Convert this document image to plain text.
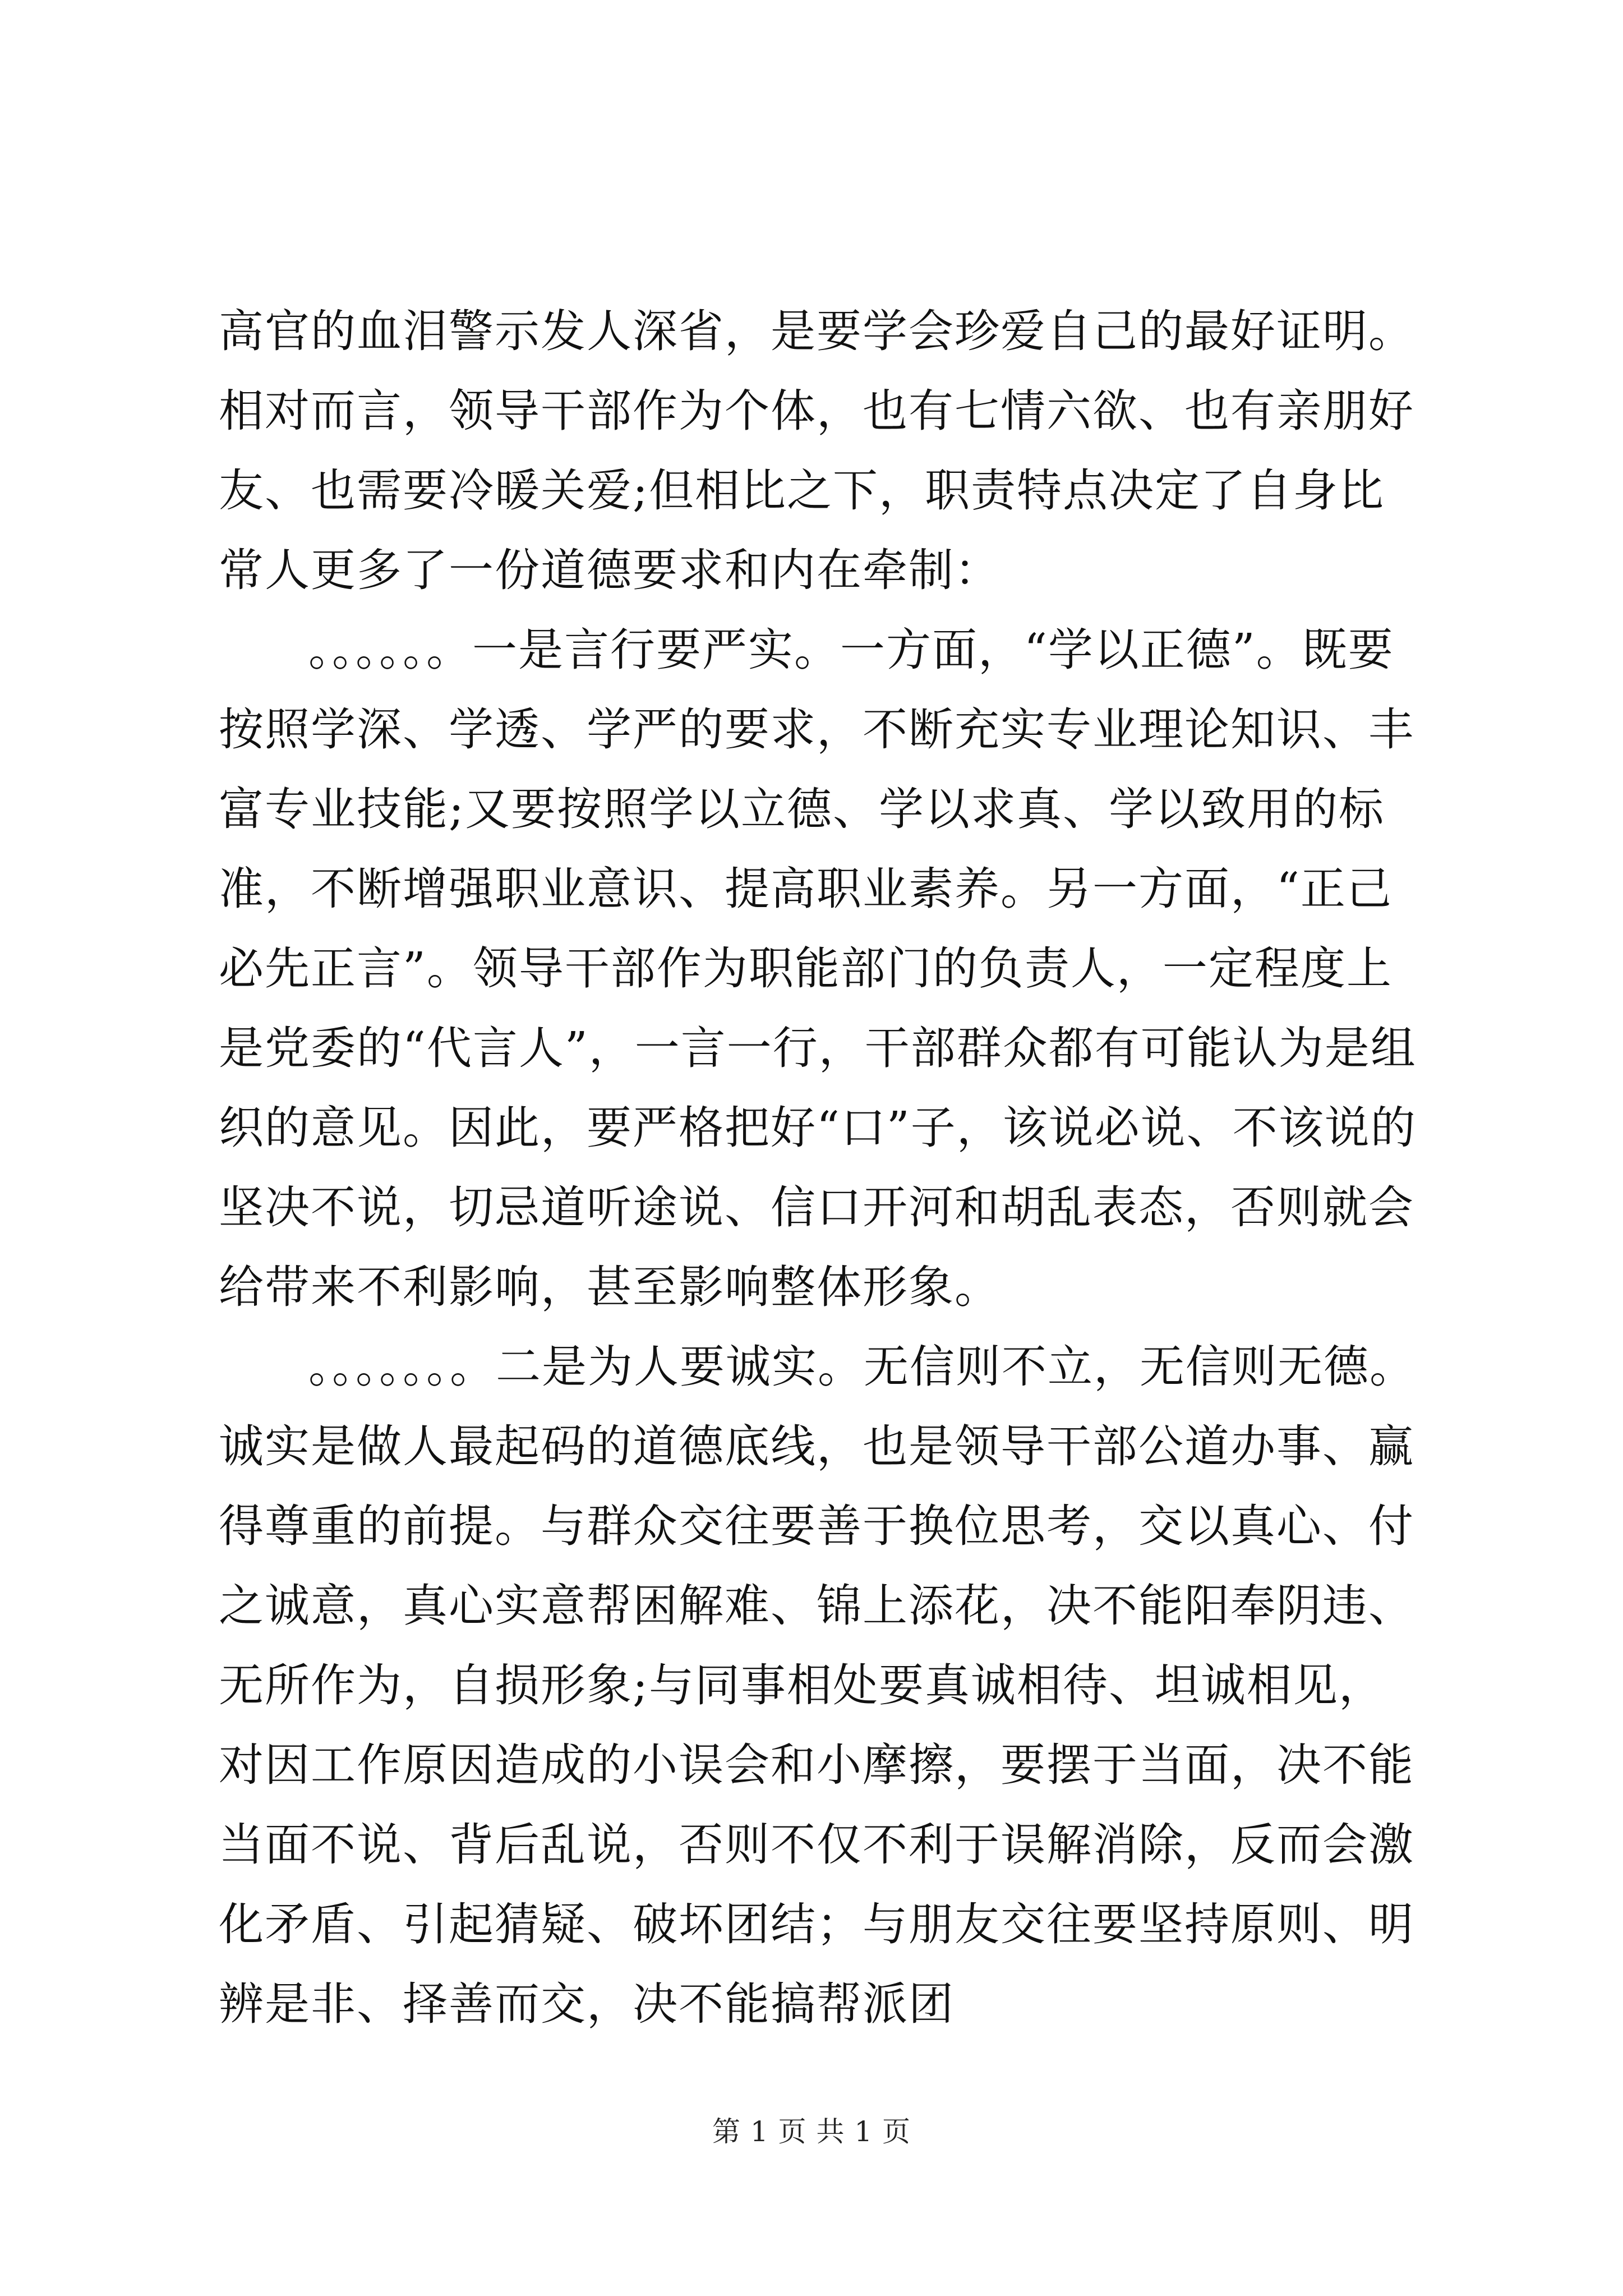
高官的血泪警示发人深省，是要学会珍爱自己的最好证明。相对而言，领导干部作为个体，也有七情六欲、也有亲朋好友、也需要冷暖关爱;但相比之下，职责特点决定了自身比常人更多了一份道德要求和内在牵制：

。。。。。。一是言行要严实。一方面，“学以正德”。既要按照学深、学透、学严的要求，不断充实专业理论知识、丰富专业技能;又要按照学以立德、学以求真、学以致用的标准，不断增强职业意识、提高职业素养。另一方面，“正己必先正言”。领导干部作为职能部门的负责人，一定程度上是党委的“代言人”，一言一行，干部群众都有可能认为是组织的意见。因此，要严格把好“口”子，该说必说、不该说的坚决不说，切忌道听途说、信口开河和胡乱表态，否则就会给带来不利影响，甚至影响整体形象。

。。。。。。。二是为人要诚实。无信则不立，无信则无德。诚实是做人最起码的道德底线，也是领导干部公道办事、赢得尊重的前提。与群众交往要善于换位思考，交以真心、付之诚意，真心实意帮困解难、锦上添花，决不能阳奉阴违、无所作为，自损形象;与同事相处要真诚相待、坦诚相见，对因工作原因造成的小误会和小摩擦，要摆于当面，决不能当面不说、背后乱说，否则不仅不利于误解消除，反而会激化矛盾、引起猜疑、破坏团结；与朋友交往要坚持原则、明辨是非、择善而交，决不能搞帮派团

第 1 页 共 1 页
